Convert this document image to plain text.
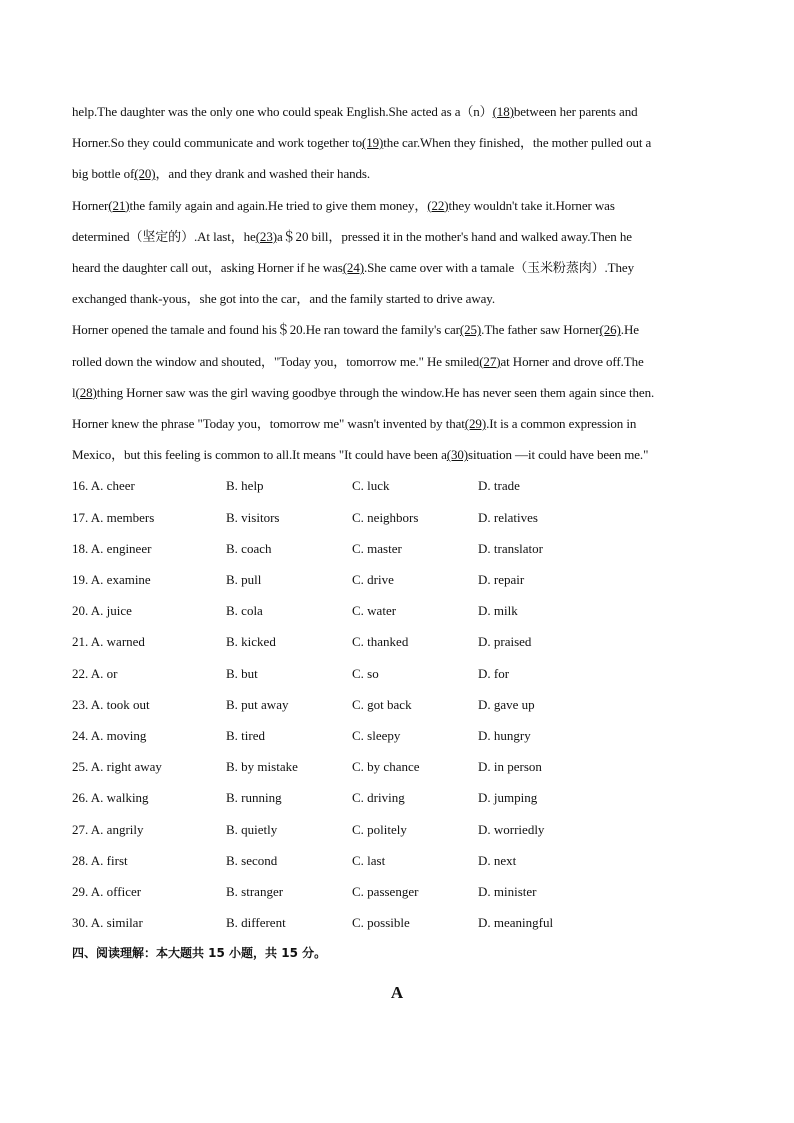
help.The daughter was the only one who could speak English.She acted as a（n）(18)between her parents and

Horner.So they could communicate and work together to(19)the car.When they finished，the mother pulled out a

big bottle of(20)，and they drank and washed their hands.

Horner(21)the family again and again.He tried to give them money，(22)they wouldn't take it.Horner was

determined（坚定的）.At last，he(23)a＄20 bill，pressed it in the mother's hand and walked away.Then he

heard the daughter call out，asking Horner if he was(24).She came over with a tamale（玉米粉蒸肉）.They

exchanged thank-yous，she got into the car，and the family started to drive away.

Horner opened the tamale and found his＄20.He ran toward the family's car(25).The father saw Horner(26).He

rolled down the window and shouted，"Today you，tomorrow me." He smiled(27)at Horner and drove off.The

l(28)thing Horner saw was the girl waving goodbye through the window.He has never seen them again since then.

Horner knew the phrase "Today you，tomorrow me" wasn't invented by that(29).It is a common expression in

Mexico，but this feeling is common to all.It means "It could have been a(30)situation —it could have been me."

16. A. cheer	B. help	C. luck	D. trade
17. A. members	B. visitors	C. neighbors	D. relatives
18. A. engineer	B. coach	C. master	D. translator
19. A. examine	B. pull	C. drive	D. repair
20. A. juice	B. cola	C. water	D. milk
21. A. warned	B. kicked	C. thanked	D. praised
22. A. or	B. but	C. so	D. for
23. A. took out	B. put away	C. got back	D. gave up
24. A. moving	B. tired	C. sleepy	D. hungry
25. A. right away	B. by mistake	C. by chance	D. in person
26. A. walking	B. running	C. driving	D. jumping
27. A. angrily	B. quietly	C. politely	D. worriedly
28. A. first	B. second	C. last	D. next
29. A. officer	B. stranger	C. passenger	D. minister
30. A. similar	B. different	C. possible	D. meaningful
四、阅读理解：本大题共 15 小题，共 15 分。
A
